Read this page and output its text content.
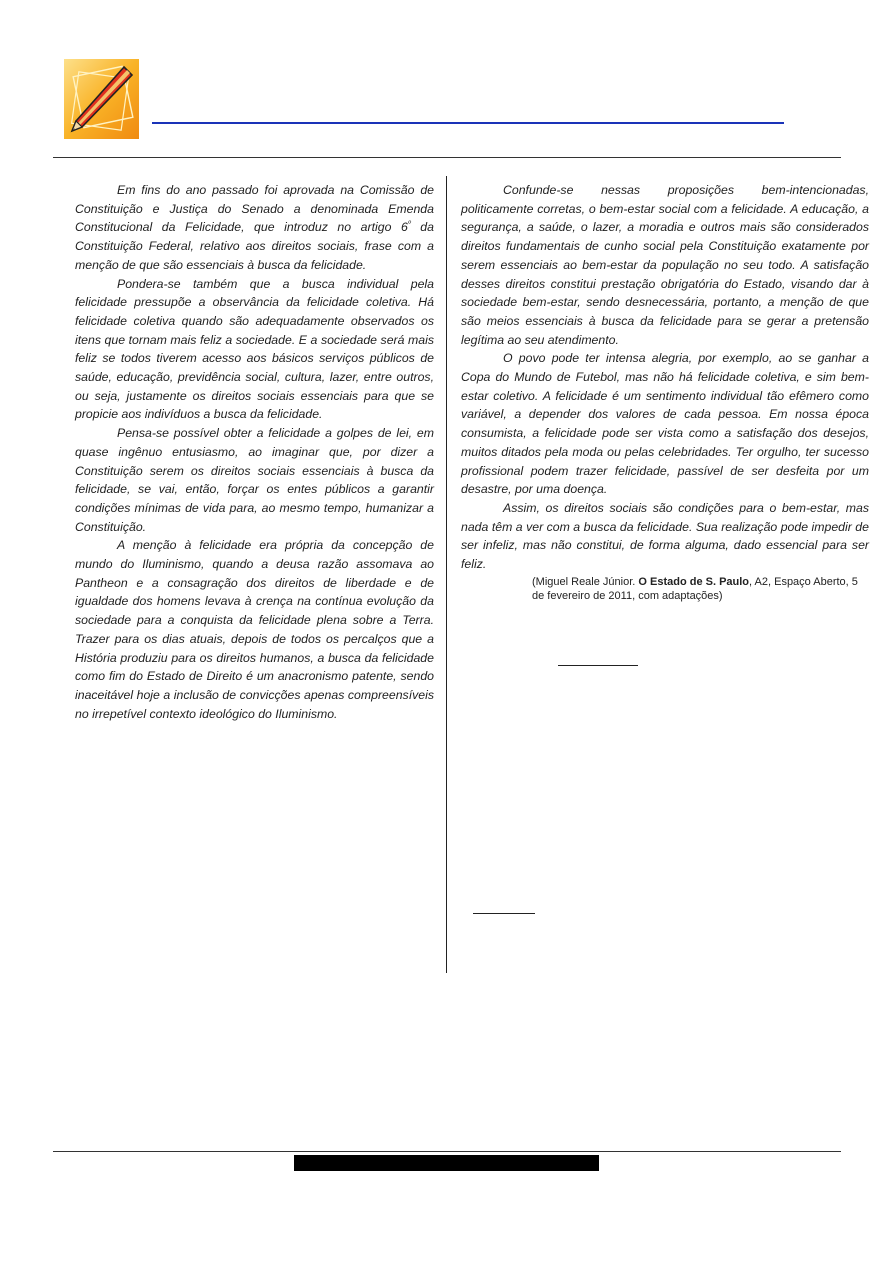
Em fins do ano passado foi aprovada na Comissão de Constituição e Justiça do Senado a denominada Emenda Constitucional da Felicidade, que introduz no artigo $6^º$ da Constituição Federal, relativo aos direitos sociais, frase com a menção de que são essenciais à busca da felicidade.

Pondera-se também que a busca individual pela felicidade pressupõe a observância da felicidade coletiva. Há felicidade coletiva quando são adequadamente observados os itens que tornam mais feliz a sociedade. E a sociedade será mais feliz se todos tiverem acesso aos básicos serviços públicos de saúde, educação, previdência social, cultura, lazer, entre outros, ou seja, justamente os direitos sociais essenciais para que se propicie aos indivíduos a busca da felicidade.

Pensa-se possível obter a felicidade a golpes de lei, em quase ingênuo entusiasmo, ao imaginar que, por dizer a Constituição serem os direitos sociais essenciais à busca da felicidade, se vai, então, forçar os entes públicos a garantir condições mínimas de vida para, ao mesmo tempo, humanizar a Constituição.

A menção à felicidade era própria da concepção de mundo do Iluminismo, quando a deusa razão assomava ao Pantheon e a consagração dos direitos de liberdade e de igualdade dos homens levava à crença na contínua evolução da sociedade para a conquista da felicidade plena sobre a Terra. Trazer para os dias atuais, depois de todos os percalços que a História produziu para os direitos humanos, a busca da felicidade como fim do Estado de Direito é um anacronismo patente, sendo inaceitável hoje a inclusão de convicções apenas compreensíveis no irrepetível contexto ideológico do Iluminismo.

Confunde-se nessas proposições bem-intencionadas, politicamente corretas, o bem-estar social com a felicidade. A educação, a segurança, a saúde, o lazer, a moradia e outros mais são considerados direitos fundamentais de cunho social pela Constituição exatamente por serem essenciais ao bem-estar da população no seu todo. A satisfação desses direitos constitui prestação obrigatória do Estado, visando dar à sociedade bem-estar, sendo desnecessária, portanto, a menção de que são meios essenciais à busca da felicidade para se gerar a pretensão legítima ao seu atendimento.

O povo pode ter intensa alegria, por exemplo, ao se ganhar a Copa do Mundo de Futebol, mas não há felicidade coletiva, e sim bem-estar coletivo. A felicidade é um sentimento individual tão efêmero como variável, a depender dos valores de cada pessoa. Em nossa época consumista, a felicidade pode ser vista como a satisfação dos desejos, muitos ditados pela moda ou pelas celebridades. Ter orgulho, ter sucesso profissional podem trazer felicidade, passível de ser desfeita por um desastre, por uma doença.

Assim, os direitos sociais são condições para o bem-estar, mas nada têm a ver com a busca da felicidade. Sua realização pode impedir de ser infeliz, mas não constitui, de forma alguma, dado essencial para ser feliz.

(Miguel Reale Júnior. O Estado de S. Paulo, A2, Espaço Aberto, 5 de fevereiro de 2011, com adaptações)
